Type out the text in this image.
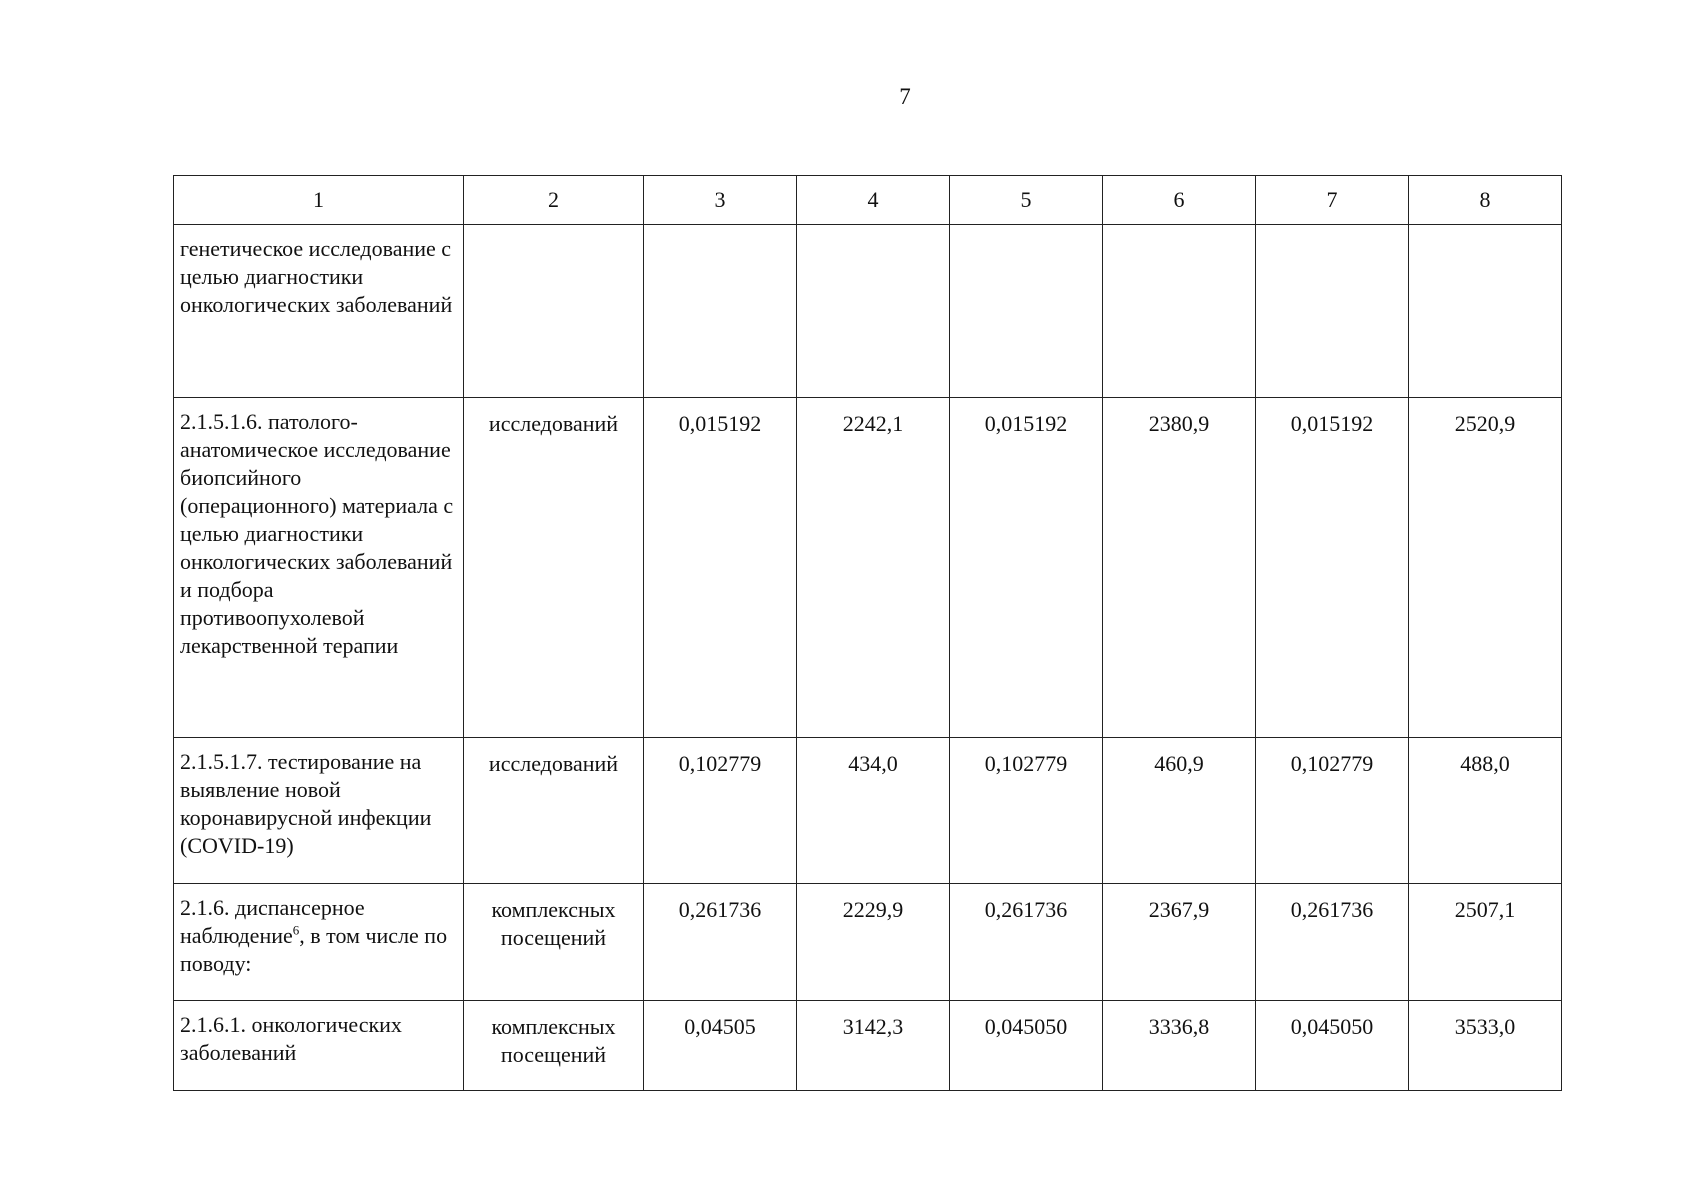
7
1	2	3	4	5	6	7	8
генетическое исследование с целью диагностики онкологических заболеваний							
2.1.5.1.6. патолого-анатомическое исследование биопсийного (операционного) материала с целью диагностики онкологических заболеваний и подбора противоопухолевой лекарственной терапии	исследований	0,015192	2242,1	0,015192	2380,9	0,015192	2520,9
2.1.5.1.7. тестирование на выявление новой коронавирусной инфекции (COVID-19)	исследований	0,102779	434,0	0,102779	460,9	0,102779	488,0
2.1.6. диспансерное наблюдение$^6$, в том числе по поводу:	комплексных посещений	0,261736	2229,9	0,261736	2367,9	0,261736	2507,1
2.1.6.1. онкологических заболеваний	комплексных посещений	0,04505	3142,3	0,045050	3336,8	0,045050	3533,0
